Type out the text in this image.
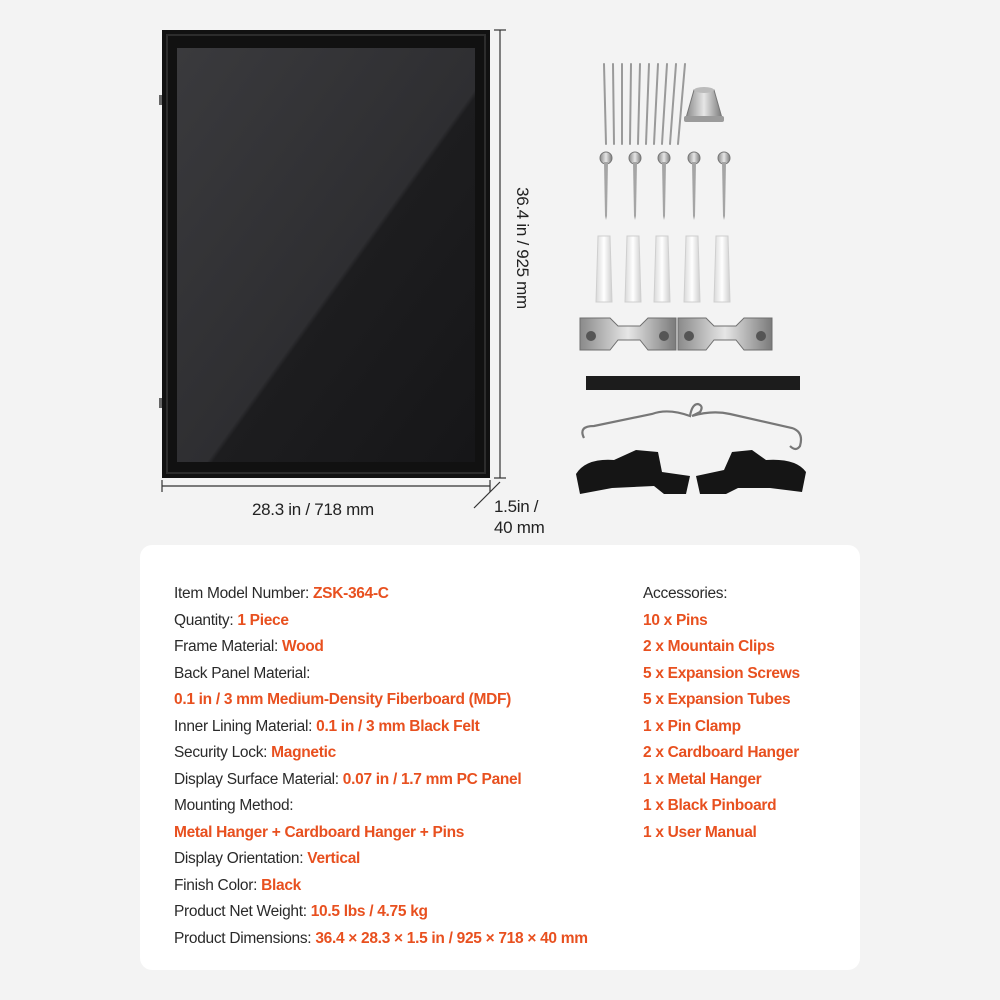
28.3 in / 718 mm
36.4 in / 925 mm
1.5in /
40 mm
Item Model Number: ZSK-364-C
Quantity: 1 Piece
Frame Material: Wood
Back Panel Material:
0.1 in / 3 mm Medium-Density Fiberboard (MDF)
Inner Lining Material: 0.1 in / 3 mm Black Felt
Security Lock: Magnetic
Display Surface Material: 0.07 in / 1.7 mm PC Panel
Mounting Method:
Metal Hanger + Cardboard Hanger + Pins
Display Orientation: Vertical
Finish Color: Black
Product Net Weight: 10.5 lbs / 4.75 kg
Product Dimensions: 36.4 × 28.3 × 1.5 in / 925 × 718 × 40 mm
Accessories:
10 x Pins
2 x Mountain Clips
5 x Expansion Screws
5 x Expansion Tubes
1 x Pin Clamp
2 x Cardboard Hanger
1 x Metal Hanger
1 x Black Pinboard
1 x User Manual
